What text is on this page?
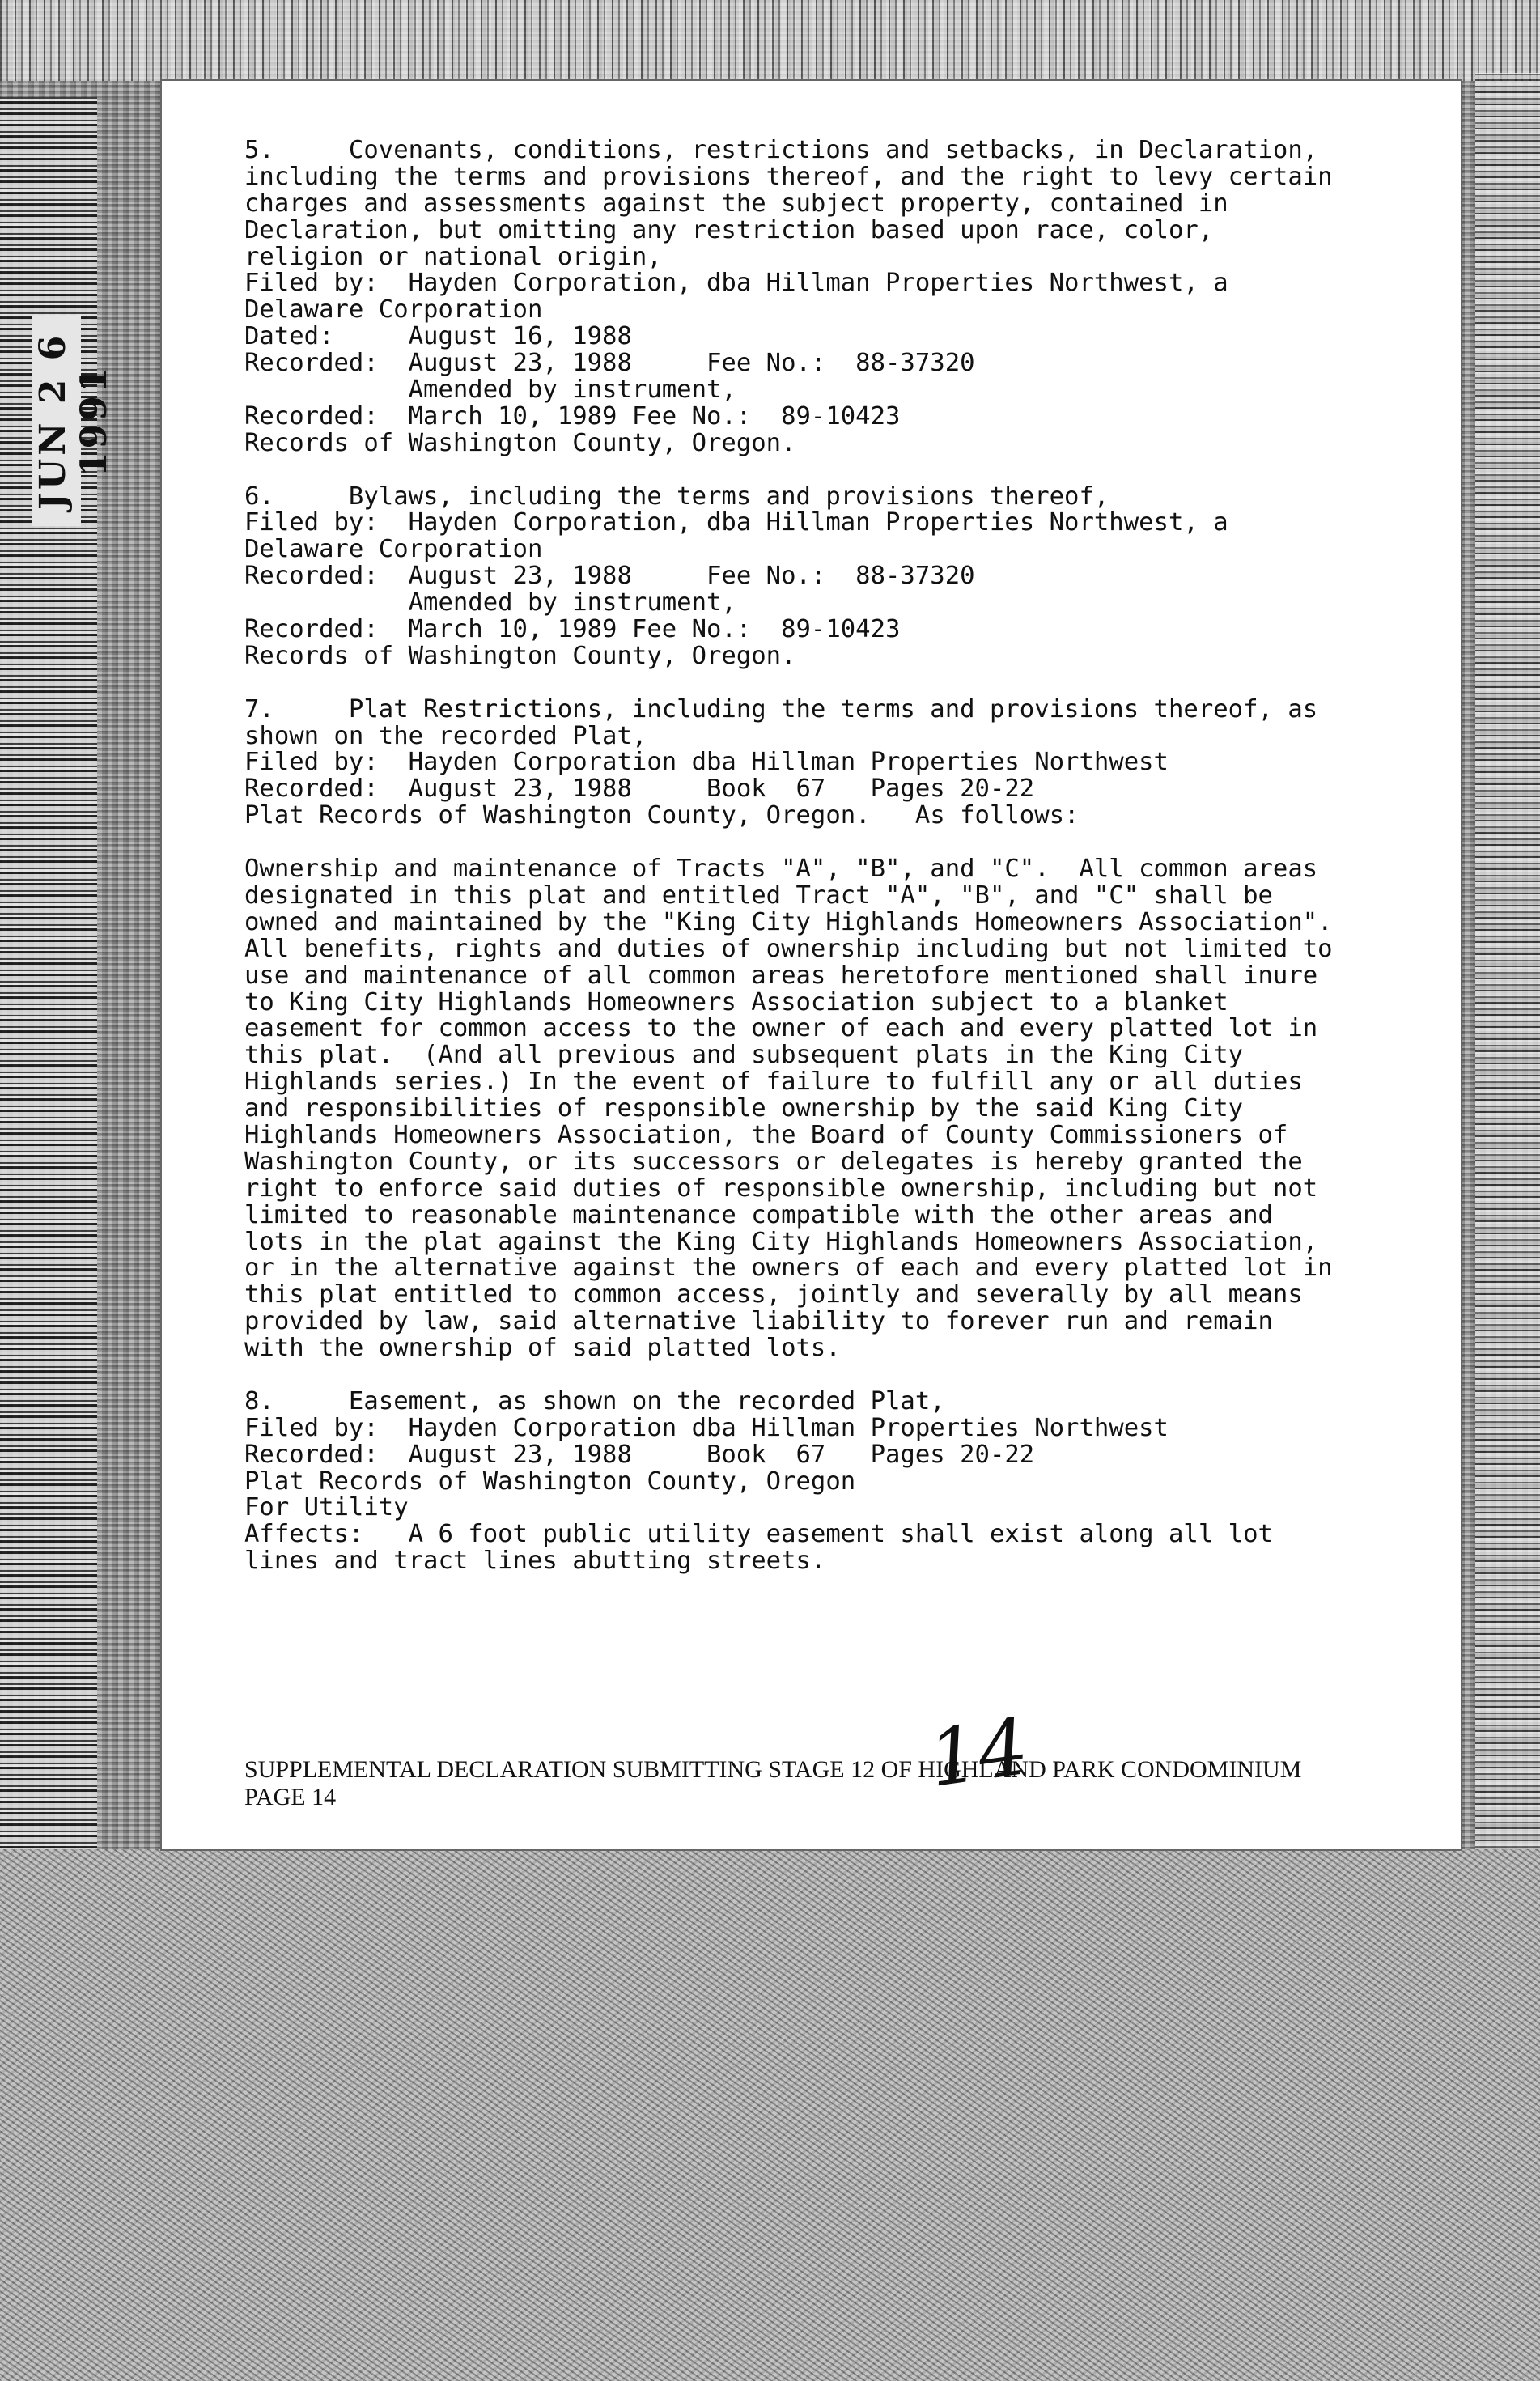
JUN 2 6 1991
5.     Covenants, conditions, restrictions and setbacks, in Declaration,
including the terms and provisions thereof, and the right to levy certain
charges and assessments against the subject property, contained in
Declaration, but omitting any restriction based upon race, color,
religion or national origin,
Filed by:  Hayden Corporation, dba Hillman Properties Northwest, a
Delaware Corporation
Dated:     August 16, 1988
Recorded:  August 23, 1988     Fee No.:  88-37320
Amended by instrument,
Recorded:  March 10, 1989 Fee No.:  89-10423
Records of Washington County, Oregon.
6.     Bylaws, including the terms and provisions thereof,
Filed by:  Hayden Corporation, dba Hillman Properties Northwest, a
Delaware Corporation
Recorded:  August 23, 1988     Fee No.:  88-37320
Amended by instrument,
Recorded:  March 10, 1989 Fee No.:  89-10423
Records of Washington County, Oregon.
7.     Plat Restrictions, including the terms and provisions thereof, as
shown on the recorded Plat,
Filed by:  Hayden Corporation dba Hillman Properties Northwest
Recorded:  August 23, 1988     Book  67   Pages 20-22
Plat Records of Washington County, Oregon.   As follows:
Ownership and maintenance of Tracts "A", "B", and "C".  All common areas
designated in this plat and entitled Tract "A", "B", and "C" shall be
owned and maintained by the "King City Highlands Homeowners Association".
All benefits, rights and duties of ownership including but not limited to
use and maintenance of all common areas heretofore mentioned shall inure
to King City Highlands Homeowners Association subject to a blanket
easement for common access to the owner of each and every platted lot in
this plat.  (And all previous and subsequent plats in the King City
Highlands series.) In the event of failure to fulfill any or all duties
and responsibilities of responsible ownership by the said King City
Highlands Homeowners Association, the Board of County Commissioners of
Washington County, or its successors or delegates is hereby granted the
right to enforce said duties of responsible ownership, including but not
limited to reasonable maintenance compatible with the other areas and
lots in the plat against the King City Highlands Homeowners Association,
or in the alternative against the owners of each and every platted lot in
this plat entitled to common access, jointly and severally by all means
provided by law, said alternative liability to forever run and remain
with the ownership of said platted lots.
8.     Easement, as shown on the recorded Plat,
Filed by:  Hayden Corporation dba Hillman Properties Northwest
Recorded:  August 23, 1988     Book  67   Pages 20-22
Plat Records of Washington County, Oregon
For Utility
Affects:   A 6 foot public utility easement shall exist along all lot
lines and tract lines abutting streets.
14
SUPPLEMENTAL DECLARATION SUBMITTING STAGE 12 OF HIGHLAND PARK CONDOMINIUM
PAGE 14
